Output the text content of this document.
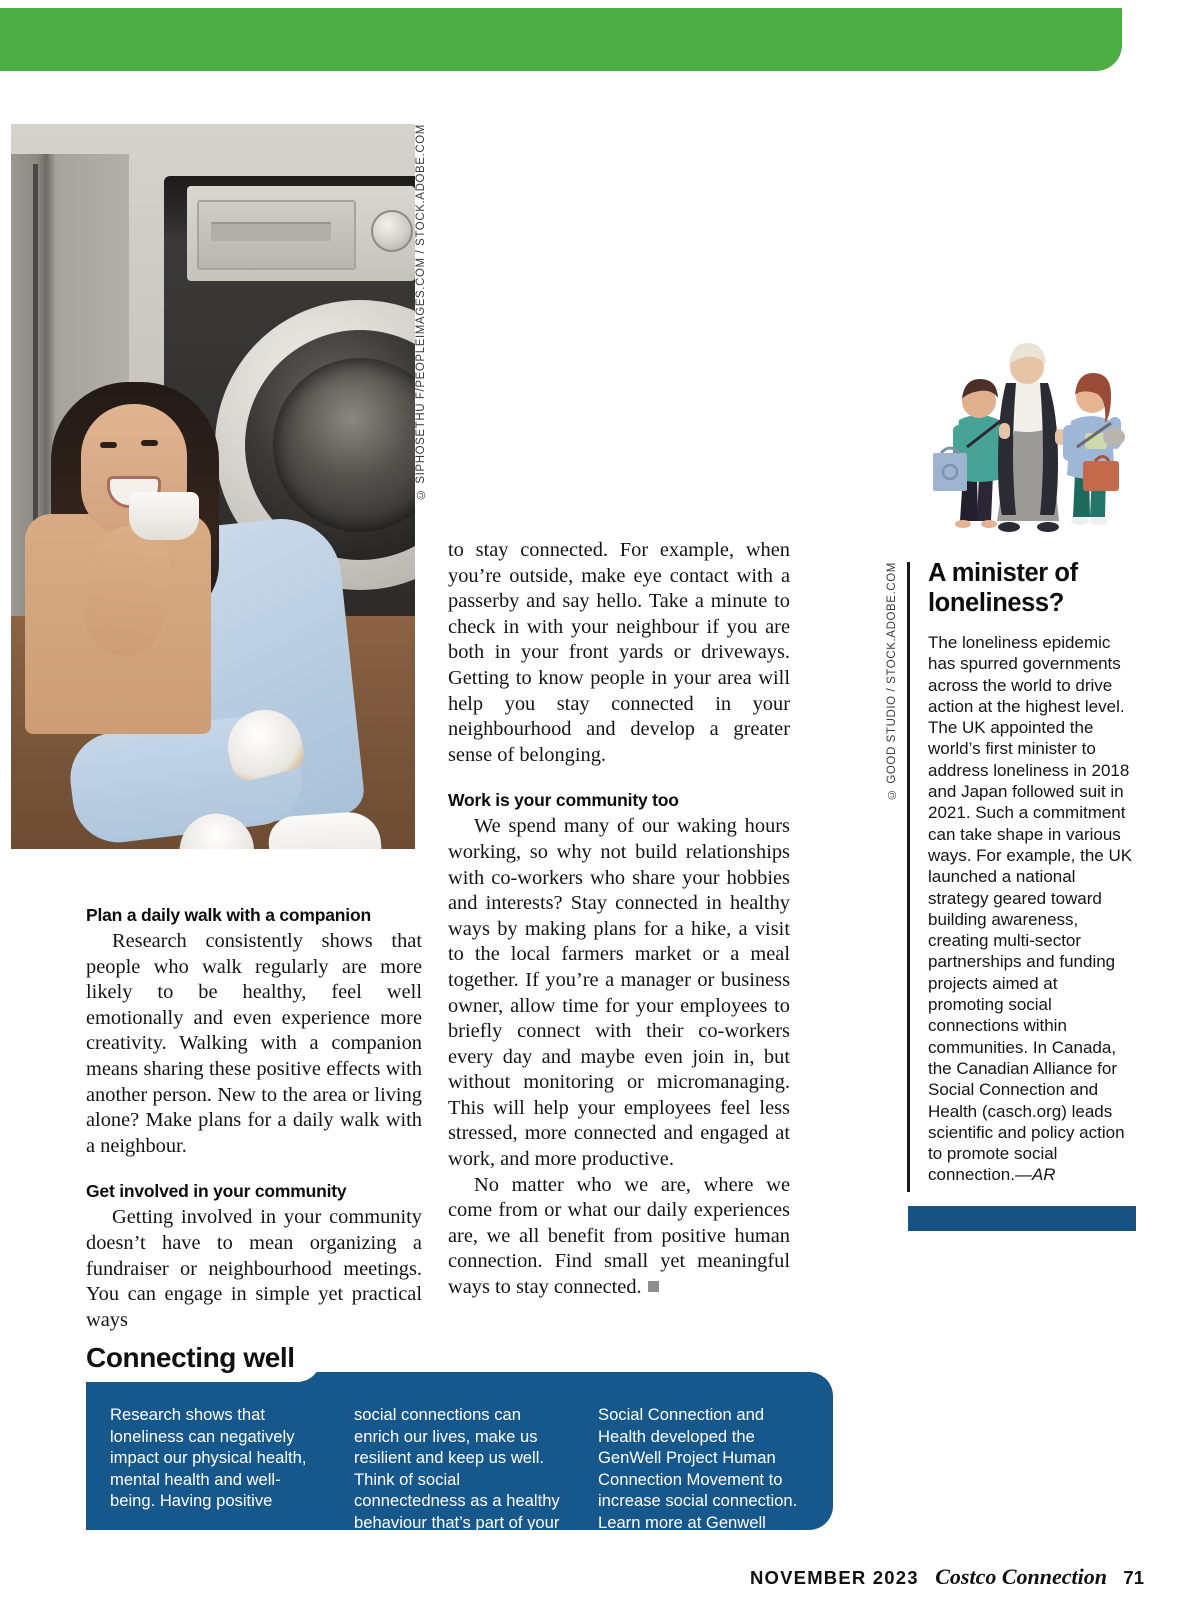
© SIPHOSETHU F/PEOPLEIMAGES.COM / STOCK.ADOBE.COM
© GOOD STUDIO / STOCK.ADOBE.COM
Plan a daily walk with a companion

Research consistently shows that people who walk regularly are more likely to be healthy, feel well emotionally and even experience more creativity. Walking with a companion means sharing these positive effects with another person. New to the area or living alone? Make plans for a daily walk with a neighbour.

Get involved in your community

Getting involved in your community doesn’t have to mean organizing a fundraiser or neighbourhood meetings. You can engage in simple yet practical ways

to stay connected. For example, when you’re outside, make eye contact with a passerby and say hello. Take a minute to check in with your neighbour if you are both in your front yards or driveways. Getting to know people in your area will help you stay connected in your neighbourhood and develop a greater sense of belonging.

Work is your community too

We spend many of our waking hours working, so why not build relationships with co-workers who share your hobbies and interests? Stay connected in healthy ways by making plans for a hike, a visit to the local farmers market or a meal together. If you’re a manager or business owner, allow time for your employees to briefly connect with their co-workers every day and maybe even join in, but without monitoring or micromanaging. This will help your employees feel less stressed, more connected and engaged at work, and more productive.

No matter who we are, where we come from or what our daily experiences are, we all benefit from positive human connection. Find small yet meaningful ways to stay connected.

A minister of loneliness?

The loneliness epidemic has spurred governments across the world to drive action at the highest level. The UK appointed the world’s first minister to address loneliness in 2018 and Japan followed suit in 2021. Such a commitment can take shape in various ways. For example, the UK launched a national strategy geared toward building awareness, creating multi-sector partnerships and funding projects aimed at promoting social connections within communities. In Canada, the Canadian Alliance for Social Connection and Health (casch.org) leads scientific and policy action to promote social connection.—AR

Connecting well
Research shows that loneliness can negatively impact our physical health, mental health and well-being. Having positive
social connections can enrich our lives, make us resilient and keep us well. Think of social connectedness as a healthy behaviour that’s part of your lifestyle. The Canadian Alliance for
Social Connection and Health developed the GenWell Project Human Connection Movement to increase social connection. Learn more at Genwell project.org.—AR
NOVEMBER 2023 Costco Connection 71
